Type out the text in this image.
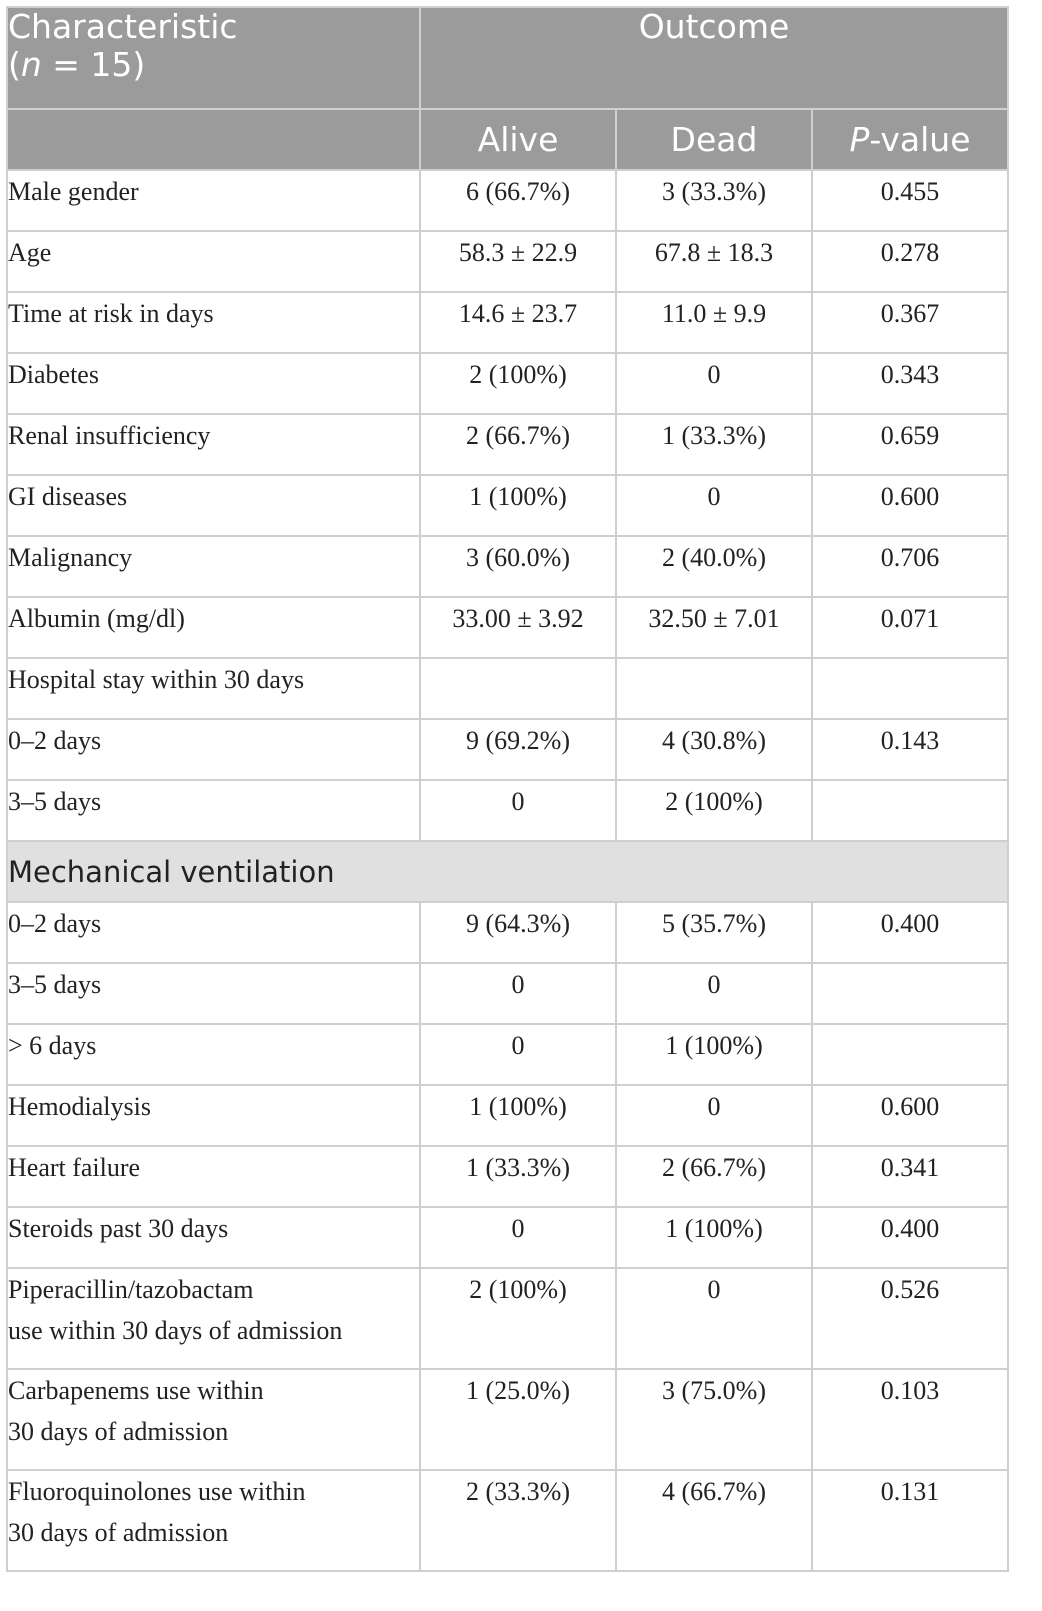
Characteristic
(n = 15)	Outcome		
	Alive	Dead	P-value
Male gender	6 (66.7%)	3 (33.3%)	0.455
Age	58.3 ± 22.9	67.8 ± 18.3	0.278
Time at risk in days	14.6 ± 23.7	11.0 ± 9.9	0.367
Diabetes	2 (100%)	0	0.343
Renal insufficiency	2 (66.7%)	1 (33.3%)	0.659
GI diseases	1 (100%)	0	0.600
Malignancy	3 (60.0%)	2 (40.0%)	0.706
Albumin (mg/dl)	33.00 ± 3.92	32.50 ± 7.01	0.071
Hospital stay within 30 days			
0–2 days	9 (69.2%)	4 (30.8%)	0.143
3–5 days	0	2 (100%)	
Mechanical ventilation			
0–2 days	9 (64.3%)	5 (35.7%)	0.400
3–5 days	0	0	
> 6 days	0	1 (100%)	
Hemodialysis	1 (100%)	0	0.600
Heart failure	1 (33.3%)	2 (66.7%)	0.341
Steroids past 30 days	0	1 (100%)	0.400
Piperacillin/tazobactam
use within 30 days of admission	2 (100%)	0	0.526
Carbapenems use within
30 days of admission	1 (25.0%)	3 (75.0%)	0.103
Fluoroquinolones use within
30 days of admission	2 (33.3%)	4 (66.7%)	0.131
